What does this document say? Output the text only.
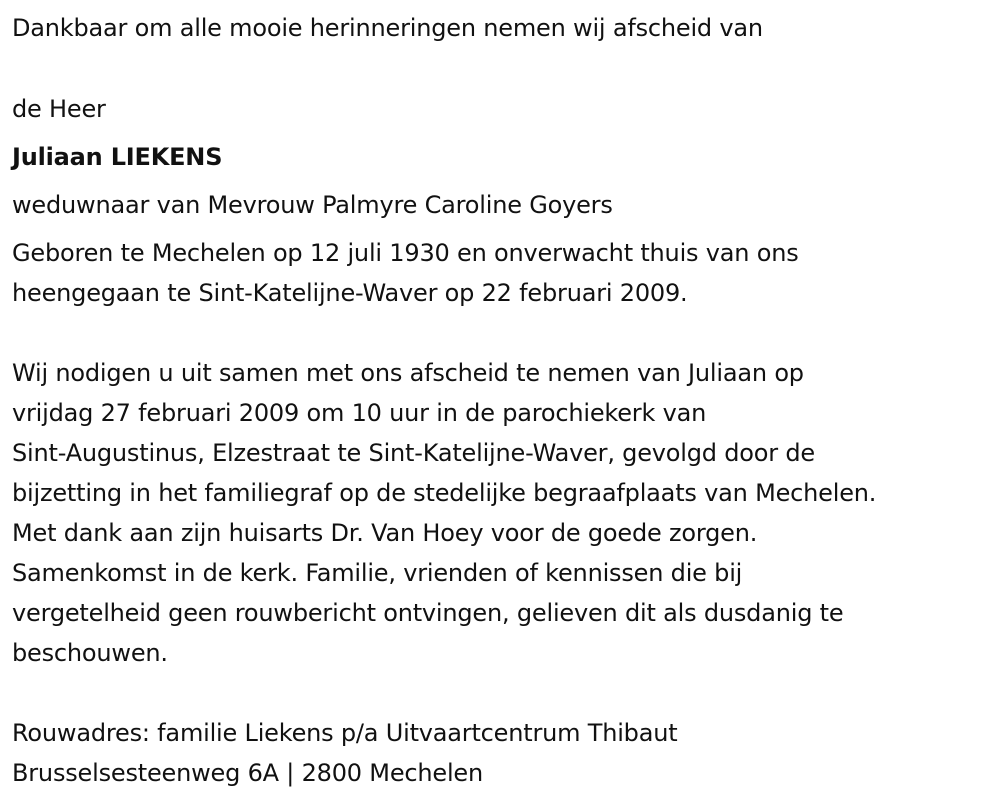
Dankbaar om alle mooie herinneringen nemen wij afscheid van
de Heer
Juliaan LIEKENS
weduwnaar van Mevrouw Palmyre Caroline Goyers
Geboren te Mechelen op 12 juli 1930 en onverwacht thuis van ons
heengegaan te Sint-Katelijne-Waver op 22 februari 2009.
Wij nodigen u uit samen met ons afscheid te nemen van Juliaan op
vrijdag 27 februari 2009 om 10 uur in de parochiekerk van
Sint-Augustinus, Elzestraat te Sint-Katelijne-Waver, gevolgd door de
bijzetting in het familiegraf op de stedelijke begraafplaats van Mechelen.
Met dank aan zijn huisarts Dr. Van Hoey voor de goede zorgen.
Samenkomst in de kerk. Familie, vrienden of kennissen die bij
vergetelheid geen rouwbericht ontvingen, gelieven dit als dusdanig te
beschouwen.
Rouwadres: familie Liekens p/a Uitvaartcentrum Thibaut
Brusselsesteenweg 6A | 2800 Mechelen
